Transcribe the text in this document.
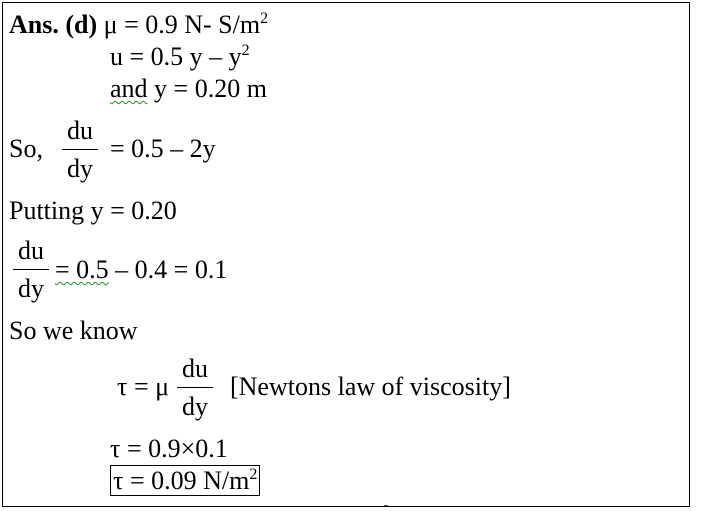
Ans. (d) μ = 0.9 N- $S/m^2$
u = 0.5 y – $y^2$
and y = 0.20 m
So,
du
dy
= 0.5 – 2y
Putting y = 0.20
du
dy
= 0.5 – 0.4 = 0.1
So we know
τ = μ
du
dy
[Newtons law of viscosity]
τ = 0.9×0.1
τ = 0.09 $N/m^2$
